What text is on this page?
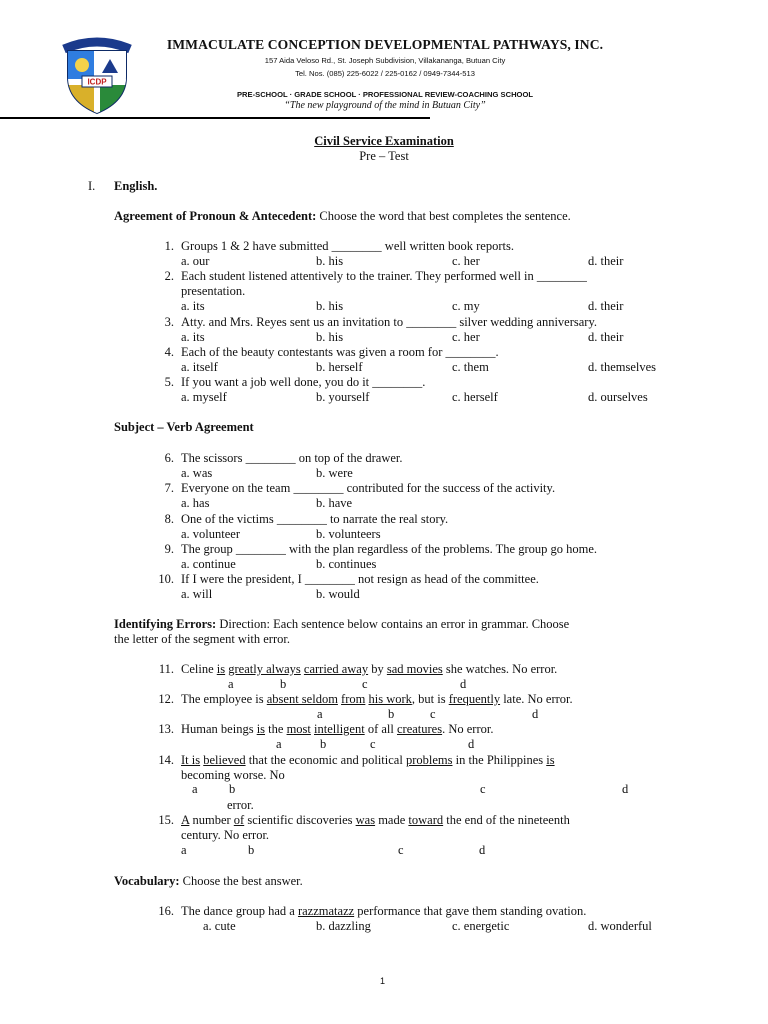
ICDP
IMMACULATE CONCEPTION DEVELOPMENTAL PATHWAYS, INC.
157 Aida Veloso Rd., St. Joseph Subdivision, Villakananga, Butuan City
Tel. Nos. (085) 225-6022 / 225-0162 / 0949-7344-513
PRE-SCHOOL · GRADE SCHOOL · PROFESSIONAL REVIEW-COACHING SCHOOL
“The new playground of the mind in Butuan City”
Civil Service Examination
Pre – Test
I. English.
Agreement of Pronoun & Antecedent: Choose the word that best completes the sentence.
1. Groups 1 & 2 have submitted ________ well written book reports.
a. our	b. his	c. her	d. their
2. Each student listened attentively to the trainer. They performed well in ________
presentation.
a. its	b. his	c. my	d. their
3. Atty. and Mrs. Reyes sent us an invitation to ________ silver wedding anniversary.
a. its	b. his	c. her	d. their
4. Each of the beauty contestants was given a room for ________.
a. itself	b. herself	c. them	d. themselves
5. If you want a job well done, you do it ________.
a. myself	b. yourself	c. herself	d. ourselves
Subject – Verb Agreement
6. The scissors ________ on top of the drawer.
a. was	b. were
7. Everyone on the team ________ contributed for the success of the activity.
a. has	b. have
8. One of the victims ________ to narrate the real story.
a. volunteer	b. volunteers
9. The group ________ with the plan regardless of the problems. The group go home.
a. continue	b. continues
10. If I were the president, I ________ not resign as head of the committee.
a. will	b. would
Identifying Errors: Direction: Each sentence below contains an error in grammar. Choose
the letter of the segment with error.
11. Celine is greatly always carried away by sad movies she watches. No error.
a	b	c	d
12. The employee is absent seldom from his work, but is frequently late. No error.
a	b	c	d
13. Human beings is the most intelligent of all creatures. No error.
a	b	c	d
14. It is believed that the economic and political problems in the Philippines is
becoming worse. No
a	b	c	d
error.
15. A number of scientific discoveries was made toward the end of the nineteenth
century. No error.
a	b	c	d
Vocabulary: Choose the best answer.
16. The dance group had a razzmatazz performance that gave them standing ovation.
a. cute	b. dazzling	c. energetic	d. wonderful
1
